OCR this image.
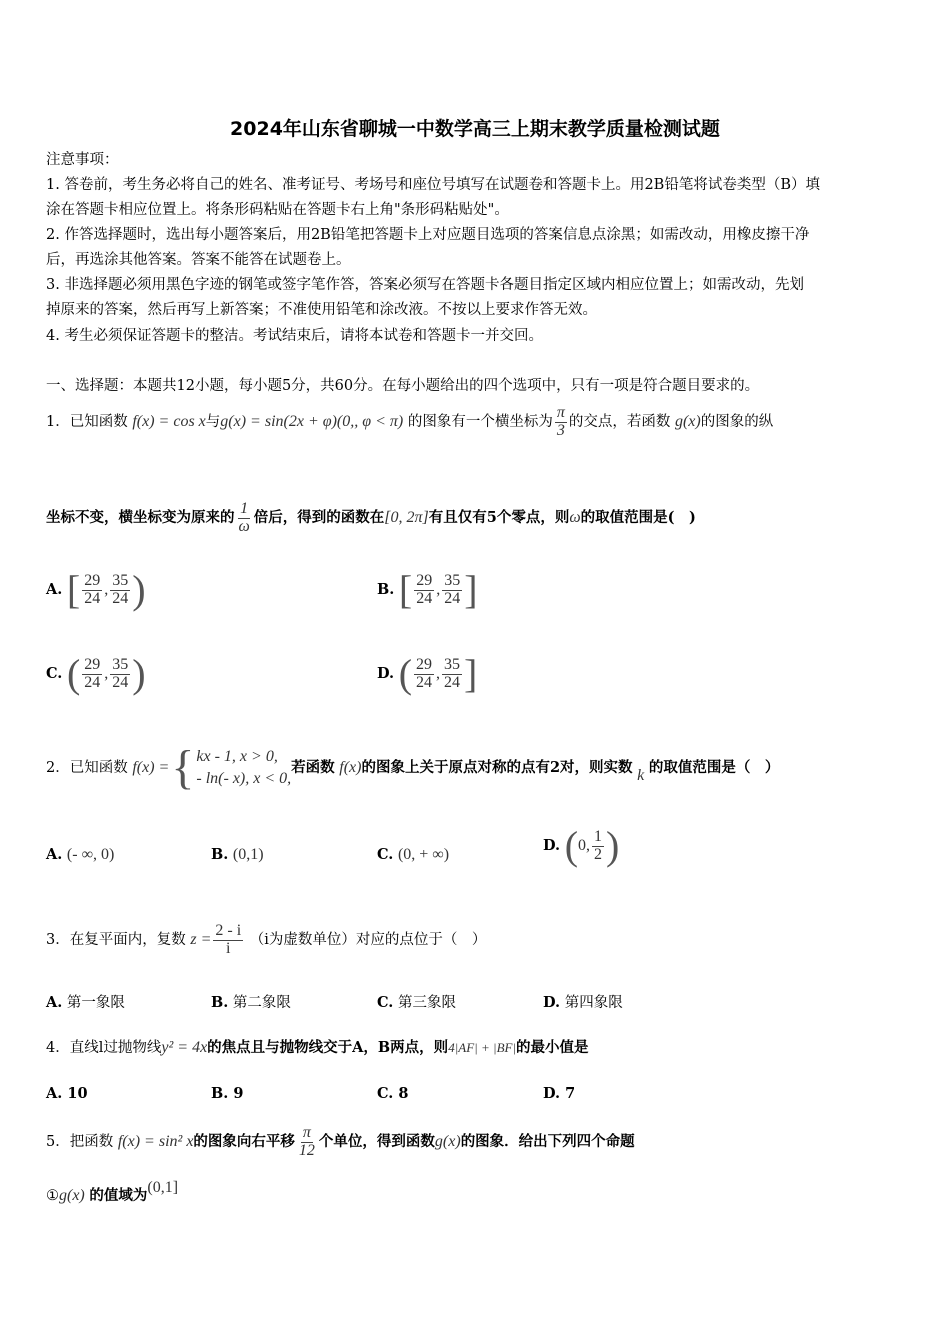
2024年山东省聊城一中数学高三上期末教学质量检测试题
注意事项：
1. 答卷前，考生务必将自己的姓名、准考证号、考场号和座位号填写在试题卷和答题卡上。用2B铅笔将试卷类型（B）填
涂在答题卡相应位置上。将条形码粘贴在答题卡右上角"条形码粘贴处"。
2. 作答选择题时，选出每小题答案后，用2B铅笔把答题卡上对应题目选项的答案信息点涂黑；如需改动，用橡皮擦干净
后，再选涂其他答案。答案不能答在试题卷上。
3. 非选择题必须用黑色字迹的钢笔或签字笔作答，答案必须写在答题卡各题目指定区域内相应位置上；如需改动，先划
掉原来的答案，然后再写上新答案；不准使用铅笔和涂改液。不按以上要求作答无效。
4. 考生必须保证答题卡的整洁。考试结束后，请将本试卷和答题卡一并交回。
一、选择题：本题共12小题，每小题5分，共60分。在每小题给出的四个选项中，只有一项是符合题目要求的。
1．已知函数 f(x) = cos x与g(x) = sin(2x + φ)(0,, φ < π) 的图象有一个横坐标为 $\frac{\pi}{3}$ 的交点，若函数 g(x)的图象的纵
坐标不变，横坐标变为原来的 $\frac{1}{\omega}$ 倍后，得到的函数在[0, 2π]有且仅有5个零点，则ω的取值范围是(　)
A. [ $\frac{29}{24}$ , $\frac{35}{24}$ )	B. [ $\frac{29}{24}$ , $\frac{35}{24}$ ]
C. ( $\frac{29}{24}$ , $\frac{35}{24}$ )	D. ( $\frac{29}{24}$ , $\frac{35}{24}$ ]
2．已知函数 f(x) = { kx - 1, x > 0,
- ln(- x), x < 0,
若函数 f(x)的图象上关于原点对称的点有2对，则实数 k 的取值范围是（　）
A. (- ∞, 0)	B. (0,1)	C. (0, + ∞)
D. ( 0, $\frac{1}{2}$ )
3．在复平面内，复数 $z = \frac{2 - i}{i} (i$为虚数单位）对应的点位于（　）
A. 第一象限	B. 第二象限	C. 第三象限	D. 第四象限
4．直线l过抛物线y² = 4x的焦点且与抛物线交于A，B两点，则4|AF| + |BF|的最小值是
A. 10	B. 9	C. 8	D. 7
5．把函数 f(x) = sin² x的图象向右平移 $\frac{\pi}{12}$ 个单位，得到函数g(x)的图象．给出下列四个命题
①g(x) 的值域为(0,1]
